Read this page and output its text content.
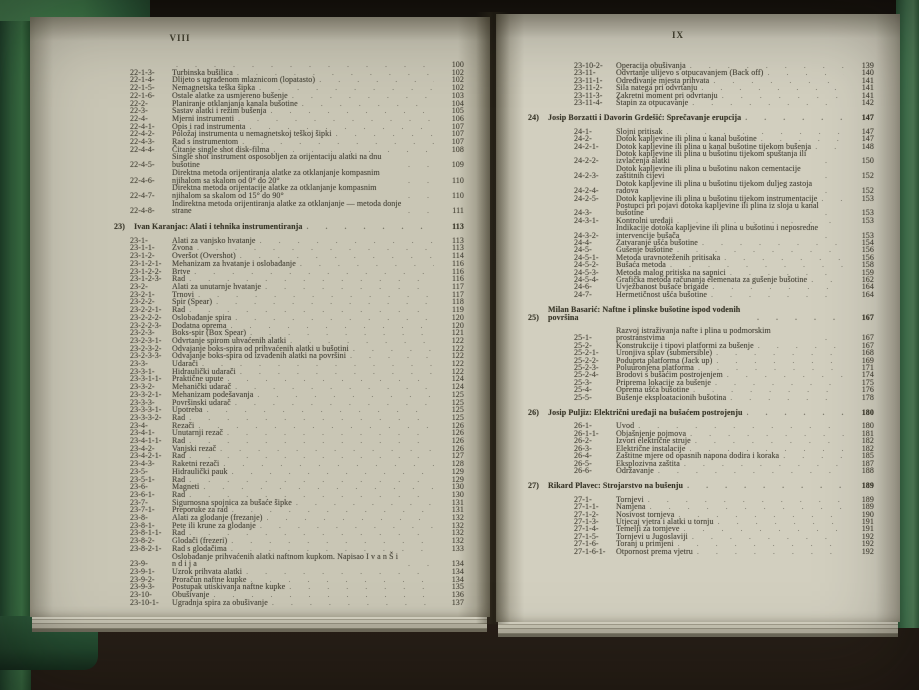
. . .
100
22-1-3-	Turbinska bušilica . . .	102
22-1-4-	Dlijeto s ugrađenom mlaznicom (lopatasto) . . .	102
22-1-5-	Nemagnetska teška šipka . . .	102
22-1-6-	Ostale alatke za usmjereno bušenje . . .	103
22-2-	Planiranje otklanjanja kanala bušotine . . .	104
22-3-	Sastav alatki i režim bušenja . . .	105
22-4-	Mjerni instrumenti . . .	106
22-4-1-	Opis i rad instrumenta . . .	107
22-4-2-	Položaj instrumenta u nemagnetskoj teškoj šipki . . .	107
22-4-3-	Rad s instrumentom . . .	107
22-4-4-	Čitanje single shot disk-filma . . .	108
22-4-5-
Single shot instrument osposobljen za orijentaciju alatki na dnu bušotine . . .	109
22-4-6-
Direktna metoda orijentiranja alatke za otklanjanje kompasnim njihalom sa skalom od 0° do 20° . . .	110
22-4-7-
Direktna metoda orijentacije alatke za otklanjanje kompasnim njihalom sa skalom od 15° do 90° . . .	110
22-4-8-
Indirektna metoda orijentiranja alatke za otklanjanje — metoda donje strane . . .	111
23)	Ivan Karanjac: Alati i tehnika instrumentiranja . . .	113
23-1-	Alati za vanjsko hvatanje . . .	113
23-1-1-	Zvona . . .	113
23-1-2-	Overšot (Overshot) . . .	114
23-1-2-1-	Mehanizam za hvatanje i oslobađanje . . .	116
23-1-2-2-	Brtve . . .	116
23-1-2-3-	Rad . . .	116
23-2-	Alati za unutarnje hvatanje . . .	117
23-2-1-	Trnovi . . .	117
23-2-2-	Spir (Spear) . . .	118
23-2-2-1-	Rad . . .	119
23-2-2-2-	Oslobađanje spira . . .	120
23-2-2-3-	Dodatna oprema . . .	120
23-2-3-	Boks-spir (Box Spear) . . .	121
23-2-3-1-	Odvrtanje spirom uhvaćenih alatki . . .	122
23-2-3-2-	Odvajanje boks-spira od prihvaćenih alatki u bušotini . . .	122
23-2-3-3-	Odvajanje boks-spira od izvađenih alatki na površini . . .	122
23-3-	Udarači . . .	122
23-3-1-	Hidraulički udarači . . .	122
23-3-1-1-	Praktične upute . . .	124
23-3-2-	Mehanički udarač . . .	124
23-3-2-1-	Mehanizam podešavanja . . .	125
23-3-3-	Površinski udarač . . .	125
23-3-3-1-	Upotreba . . .	125
23-3-3-2-	Rad . . .	125
23-4-	Rezači . . .	126
23-4-1-	Unutarnji rezač . . .	126
23-4-1-1-	Rad . . .	126
23-4-2-	Vanjski rezač . . .	126
23-4-2-1-	Rad . . .	127
23-4-3-	Raketni rezači . . .	128
23-5-	Hidraulički pauk . . .	129
23-5-1-	Rad . . .	129
23-6-	Magneti . . .	130
23-6-1-	Rad . . .	130
23-7-	Sigurnosna spojnica za bušaće šipke . . .	131
23-7-1-	Preporuke za rad . . .	131
23-8-	Alati za glodanje (frezanje) . . .	132
23-8-1-	Pete ili krune za glodanje . . .	132
23-8-1-1-	Rad . . .	132
23-8-2-	Glodači (frezeri) . . .	132
23-8-2-1-	Rad s glodačima . . .	133
23-9-
Oslobađanje prihvaćenih alatki naftnom kupkom. Napisao I v a n Š i n d i j a . . .	134
23-9-1-	Uzrok prihvata alatki . . .	134
23-9-2-	Proračun naftne kupke . . .	134
23-9-3-	Postupak utiskivanja naftne kupke . . .	135
23-10-	Obušivanje . . .	136
23-10-1-	Ugradnja spira za obušivanje . . .	137
VIII
23-10-2-	Operacija obušivanja . . .	139
23-11-	Odvrtanje ulijevo s otpucavanjem (Back off) . . .	140
23-11-1-	Određivanje mjesta prihvata . . .	141
23-11-2-	Sila natega pri odvrtanju . . .	141
23-11-3-	Zakretni moment pri odvrtanju . . .	141
23-11-4-	Štapin za otpucavanje . . .	142
24)	Josip Borzatti i Davorin Grdešić: Sprečavanje erupcija . . .	147
24-1-	Slojni pritisak . . .	147
24-2-	Dotok kapljevine ili plina u kanal bušotine . . .	147
24-2-1-	Dotok kapljevine ili plina u kanal bušotine tijekom bušenja . . .	148
24-2-2-
Dotok kapljevine ili plina u bušotinu tijekom spuštanja ili izvlačenja alatki . . .	150
24-2-3-
Dotok kapljevine ili plina u bušotinu nakon cementacije zaštitnih cijevi . . .	152
24-2-4-
Dotok kapljevine ili plina u bušotinu tijekom duljeg zastoja radova . . .	152
24-2-5-	Dotok kapljevine ili plina u bušotinu tijekom instrumentacije . . .	153
24-3-
Postupci pri pojavi dotoka kapljevine ili plina iz sloja u kanal bušotine . . .	153
24-3-1-	Kontrolni uređaji . . .	153
24-3-2-
Indikacije dotoka kapljevine ili plina u bušotinu i neposredne intervencije bušača . . .	153
24-4-	Zatvaranje ušća bušotine . . .	154
24-5-	Gušenje bušotine . . .	156
24-5-1-	Metoda uravnoteženih pritisaka . . .	156
24-5-2-	Bušaća metoda . . .	158
24-5-3-	Metoda malog pritiska na sapnici . . .	159
24-5-4-	Grafička metoda računanja elemenata za gušenje bušotine . . .	162
24-6-	Uvježbanost bušaće brigade . . .	164
24-7-	Hermetičnost ušća bušotine . . .	164
25)
Milan Basarić: Naftne i plinske bušotine ispod vodenih površina . . .	167
25-1-
Razvoj istraživanja nafte i plina u podmorskim prostranstvima . . .	167
25-2-	Konstrukcije i tipovi platformi za bušenje . . .	167
25-2-1-	Uronjiva splav (submersible) . . .	168
25-2-2-	Poduprta platforma (Jack up) . . .	169
25-2-3-	Poluuronjena platforma . . .	171
25-2-4-	Brodovi s bušaćim postrojenjem . . .	174
25-3-	Priprema lokacije za bušenje . . .	175
25-4-	Oprema ušća bušotine . . .	176
25-5-	Bušenje eksploatacionih bušotina . . .	178
26)	Josip Puljiz: Električni uređaji na bušaćem postrojenju . . .	180
26-1-	Uvod . . .	180
26-1-1-	Objašnjenje pojmova . . .	181
26-2-	Izvori električne struje . . .	182
26-3-	Električne instalacije . . .	182
26-4-	Zaštitne mjere od opasnih napona dodira i koraka . . .	185
26-5-	Eksplozivna zaštita . . .	187
26-6-	Održavanje . . .	188
27)	Rikard Plavec: Strojarstvo na bušenju . . .	189
27-1-	Tornjevi . . .	189
27-1-1-	Namjena . . .	189
27-1-2-	Nosivost tornjeva . . .	190
27-1-3-	Utjecaj vjetra i alatki u tornju . . .	191
27-1-4-	Temelji za tornjeve . . .	191
27-1-5-	Tornjevi u Jugoslaviji . . .	192
27-1-6-	Toranj u primjeni . . .	192
27-1-6-1-	Otpornost prema vjetru . . .	192
IX
